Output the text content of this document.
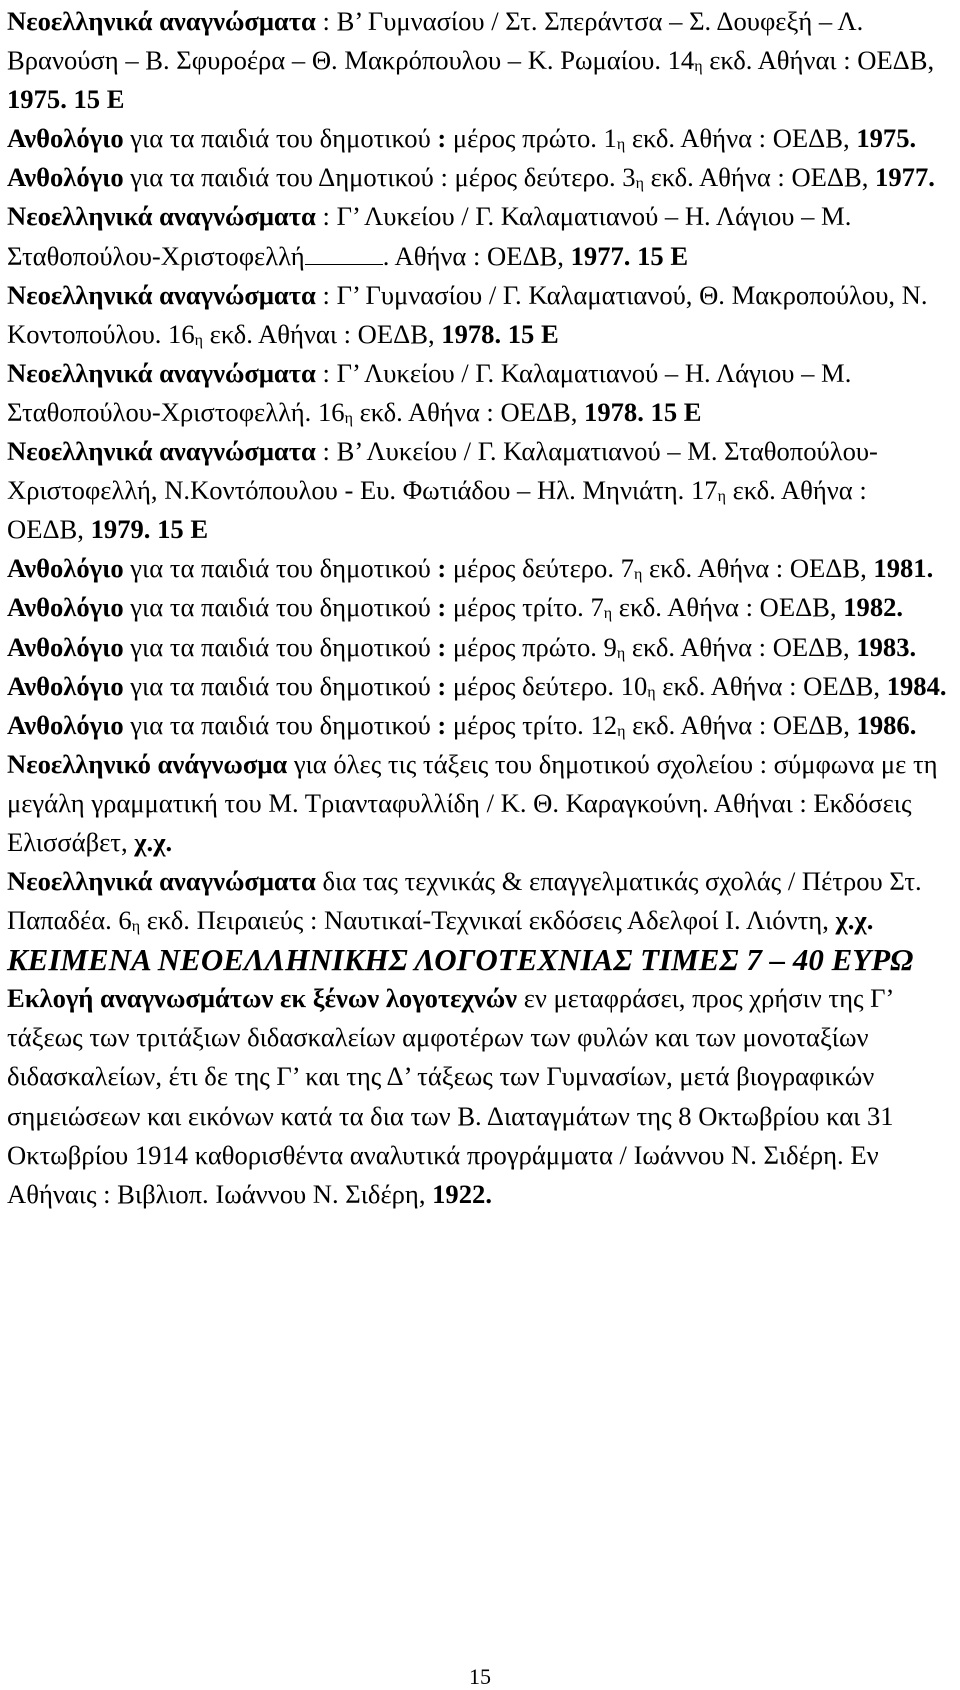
Νεοελληνικά αναγνώσματα : Β’ Γυμνασίου / Στ. Σπεράντσα – Σ. Δουφεξή – Λ. Βρανούση – Β. Σφυροέρα – Θ. Μακρόπουλου – Κ. Ρωμαίου. $14_\eta$ εκδ. Αθήναι : ΟΕΔΒ, 1975. 15 Ε

Ανθολόγιο για τα παιδιά του δημοτικού : μέρος πρώτο. $1_\eta$ εκδ. Αθήνα : ΟΕΔΒ, 1975.

Ανθολόγιο για τα παιδιά του Δημοτικού : μέρος δεύτερο. $3_\eta$ εκδ. Αθήνα : ΟΕΔΒ, 1977.

Νεοελληνικά αναγνώσματα : Γ’ Λυκείου / Γ. Καλαματιανού – Η. Λάγιου – Μ. Σταθοπούλου-Χριστοφελλή	. Αθήνα : ΟΕΔΒ, 1977. 15 Ε

Νεοελληνικά αναγνώσματα : Γ’ Γυμνασίου / Γ. Καλαματιανού, Θ. Μακροπούλου, Ν. Κοντοπούλου. $16_\eta$ εκδ. Αθήναι : ΟΕΔΒ, 1978. 15 Ε

Νεοελληνικά αναγνώσματα : Γ’ Λυκείου / Γ. Καλαματιανού – Η. Λάγιου – Μ. Σταθοπούλου-Χριστοφελλή. $16_\eta$ εκδ. Αθήνα : ΟΕΔΒ, 1978. 15 Ε

Νεοελληνικά αναγνώσματα : Β’ Λυκείου / Γ. Καλαματιανού – Μ. Σταθοπούλου-Χριστοφελλή, Ν.Κοντόπουλου - Ευ. Φωτιάδου – Ηλ. Μηνιάτη. $17_\eta$ εκδ. Αθήνα : ΟΕΔΒ, 1979. 15 Ε

Ανθολόγιο για τα παιδιά του δημοτικού : μέρος δεύτερο. $7_\eta$ εκδ. Αθήνα : ΟΕΔΒ, 1981.

Ανθολόγιο για τα παιδιά του δημοτικού : μέρος τρίτο. $7_\eta$ εκδ. Αθήνα : ΟΕΔΒ, 1982.

Ανθολόγιο για τα παιδιά του δημοτικού : μέρος πρώτο. $9_\eta$ εκδ. Αθήνα : ΟΕΔΒ, 1983.

Ανθολόγιο για τα παιδιά του δημοτικού : μέρος δεύτερο. $10_\eta$ εκδ. Αθήνα : ΟΕΔΒ, 1984.

Ανθολόγιο για τα παιδιά του δημοτικού : μέρος τρίτο. $12_\eta$ εκδ. Αθήνα : ΟΕΔΒ, 1986.

Νεοελληνικό ανάγνωσμα για όλες τις τάξεις του δημοτικού σχολείου : σύμφωνα με τη μεγάλη γραμματική του Μ. Τριανταφυλλίδη / Κ. Θ. Καραγκούνη. Αθήναι : Εκδόσεις Ελισσάβετ, χ.χ.

Νεοελληνικά αναγνώσματα δια τας τεχνικάς & επαγγελματικάς σχολάς / Πέτρου Στ. Παπαδέα. $6_\eta$ εκδ. Πειραιεύς : Ναυτικαί-Τεχνικαί εκδόσεις Αδελφοί Ι. Λιόντη, χ.χ.

ΚΕΙΜΕΝΑ ΝΕΟΕΛΛΗΝΙΚΗΣ ΛΟΓΟΤΕΧΝΙΑΣ ΤΙΜΕΣ 7 – 40 ΕΥΡΩ

Εκλογή αναγνωσμάτων εκ ξένων λογοτεχνών εν μεταφράσει, προς χρήσιν της Γ’ τάξεως των τριτάξιων διδασκαλείων αμφοτέρων των φυλών και των μονοταξίων διδασκαλείων, έτι δε της Γ’ και της Δ’ τάξεως των Γυμνασίων, μετά βιογραφικών σημειώσεων και εικόνων κατά τα δια των Β. Διαταγμάτων της 8 Οκτωβρίου και 31 Οκτωβρίου 1914 καθορισθέντα αναλυτικά προγράμματα / Ιωάννου Ν. Σιδέρη. Εν Αθήναις : Βιβλιοπ. Ιωάννου Ν. Σιδέρη, 1922.

15
